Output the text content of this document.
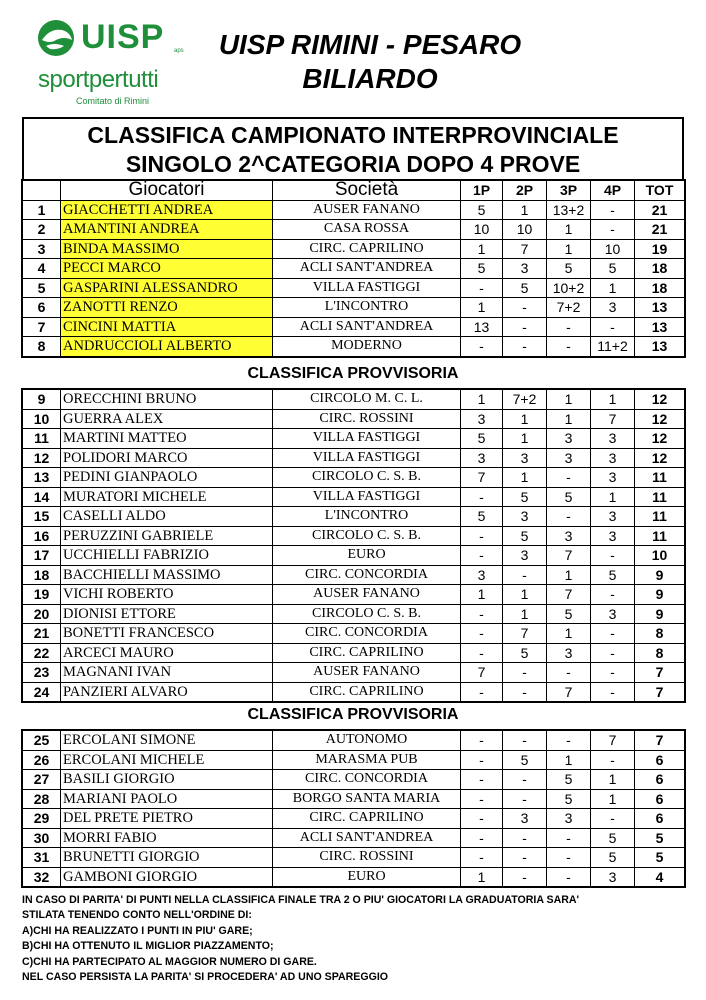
UISP aps
sportpertutti
Comitato di Rimini
UISP RIMINI - PESARO
BILIARDO
CLASSIFICA CAMPIONATO INTERPROVINCIALE
SINGOLO 2^CATEGORIA DOPO 4 PROVE
	Giocatori	Società	1P	2P	3P	4P	TOT
1	GIACCHETTI ANDREA	AUSER FANANO	5	1	13+2	-	21
2	AMANTINI ANDREA	CASA ROSSA	10	10	1	-	21
3	BINDA MASSIMO	CIRC. CAPRILINO	1	7	1	10	19
4	PECCI MARCO	ACLI SANT'ANDREA	5	3	5	5	18
5	GASPARINI ALESSANDRO	VILLA FASTIGGI	-	5	10+2	1	18
6	ZANOTTI RENZO	L'INCONTRO	1	-	7+2	3	13
7	CINCINI MATTIA	ACLI SANT'ANDREA	13	-	-	-	13
8	ANDRUCCIOLI ALBERTO	MODERNO	-	-	-	11+2	13
CLASSIFICA PROVVISORIA
9	ORECCHINI BRUNO	CIRCOLO M. C. L.	1	7+2	1	1	12
10	GUERRA ALEX	CIRC. ROSSINI	3	1	1	7	12
11	MARTINI MATTEO	VILLA FASTIGGI	5	1	3	3	12
12	POLIDORI MARCO	VILLA FASTIGGI	3	3	3	3	12
13	PEDINI GIANPAOLO	CIRCOLO C. S. B.	7	1	-	3	11
14	MURATORI MICHELE	VILLA FASTIGGI	-	5	5	1	11
15	CASELLI ALDO	L'INCONTRO	5	3	-	3	11
16	PERUZZINI GABRIELE	CIRCOLO C. S. B.	-	5	3	3	11
17	UCCHIELLI FABRIZIO	EURO	-	3	7	-	10
18	BACCHIELLI MASSIMO	CIRC. CONCORDIA	3	-	1	5	9
19	VICHI ROBERTO	AUSER FANANO	1	1	7	-	9
20	DIONISI ETTORE	CIRCOLO C. S. B.	-	1	5	3	9
21	BONETTI FRANCESCO	CIRC. CONCORDIA	-	7	1	-	8
22	ARCECI MAURO	CIRC. CAPRILINO	-	5	3	-	8
23	MAGNANI IVAN	AUSER FANANO	7	-	-	-	7
24	PANZIERI ALVARO	CIRC. CAPRILINO	-	-	7	-	7
CLASSIFICA PROVVISORIA
25	ERCOLANI SIMONE	AUTONOMO	-	-	-	7	7
26	ERCOLANI MICHELE	MARASMA PUB	-	5	1	-	6
27	BASILI GIORGIO	CIRC. CONCORDIA	-	-	5	1	6
28	MARIANI PAOLO	BORGO SANTA MARIA	-	-	5	1	6
29	DEL PRETE PIETRO	CIRC. CAPRILINO	-	3	3	-	6
30	MORRI FABIO	ACLI SANT'ANDREA	-	-	-	5	5
31	BRUNETTI GIORGIO	CIRC. ROSSINI	-	-	-	5	5
32	GAMBONI GIORGIO	EURO	1	-	-	3	4
IN CASO DI PARITA' DI PUNTI NELLA CLASSIFICA FINALE TRA 2 O PIU' GIOCATORI LA GRADUATORIA SARA'
STILATA TENENDO CONTO NELL'ORDINE DI:
A)CHI HA REALIZZATO I PUNTI IN PIU' GARE;
B)CHI HA OTTENUTO IL MIGLIOR PIAZZAMENTO;
C)CHI HA PARTECIPATO AL MAGGIOR NUMERO DI GARE.
NEL CASO PERSISTA LA PARITA' SI PROCEDERA' AD UNO SPAREGGIO
